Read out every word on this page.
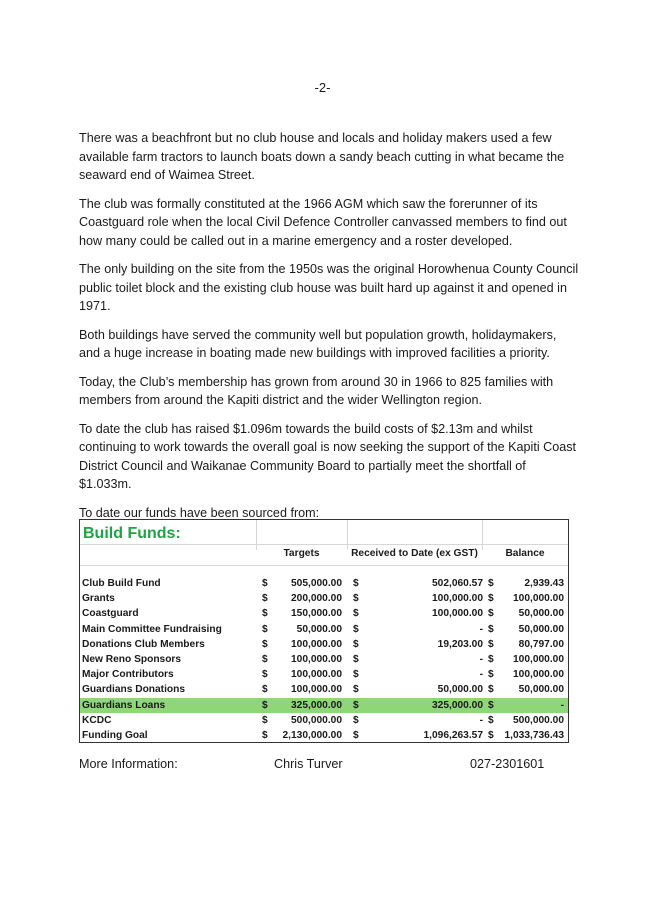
-2-

There was a beachfront but no club house and locals and holiday makers used a few available farm tractors to launch boats down a sandy beach cutting in what became the seaward end of Waimea Street.

The club was formally constituted at the 1966 AGM which saw the forerunner of its Coastguard role when the local Civil Defence Controller canvassed members to find out how many could be called out in a marine emergency and a roster developed.

The only building on the site from the 1950s was the original Horowhenua County Council public toilet block and the existing club house was built hard up against it and opened in 1971.

Both buildings have served the community well but population growth, holidaymakers, and a huge increase in boating made new buildings with improved facilities a priority.

Today, the Club’s membership has grown from around 30 in 1966 to 825 families with members from around the Kapiti district and the wider Wellington region.

To date the club has raised $1.096m towards the build costs of $2.13m and whilst continuing to work towards the overall goal is now seeking the support of the Kapiti Coast District Council and Waikanae Community Board to partially meet the shortfall of $1.033m.

To date our funds have been sourced from:

Build Funds:
Targets	Received to Date (ex GST)	Balance
Club Build Fund	$	505,000.00 $	502,060.57 $	2,939.43
Grants	$	200,000.00 $	100,000.00 $	100,000.00
Coastguard	$	150,000.00 $	100,000.00 $	50,000.00
Main Committee Fundraising	$	50,000.00 $	- $	50,000.00
Donations Club Members	$	100,000.00 $	19,203.00 $	80,797.00
New Reno Sponsors	$	100,000.00 $	- $	100,000.00
Major Contributors	$	100,000.00 $	- $	100,000.00
Guardians Donations	$	100,000.00 $	50,000.00 $	50,000.00
Guardians Loans	$	325,000.00 $	325,000.00 $	-
KCDC	$	500,000.00 $	- $	500,000.00
Funding Goal	$	2,130,000.00 $	1,096,263.57 $	1,033,736.43
More Information:	Chris Turver	027-2301601
